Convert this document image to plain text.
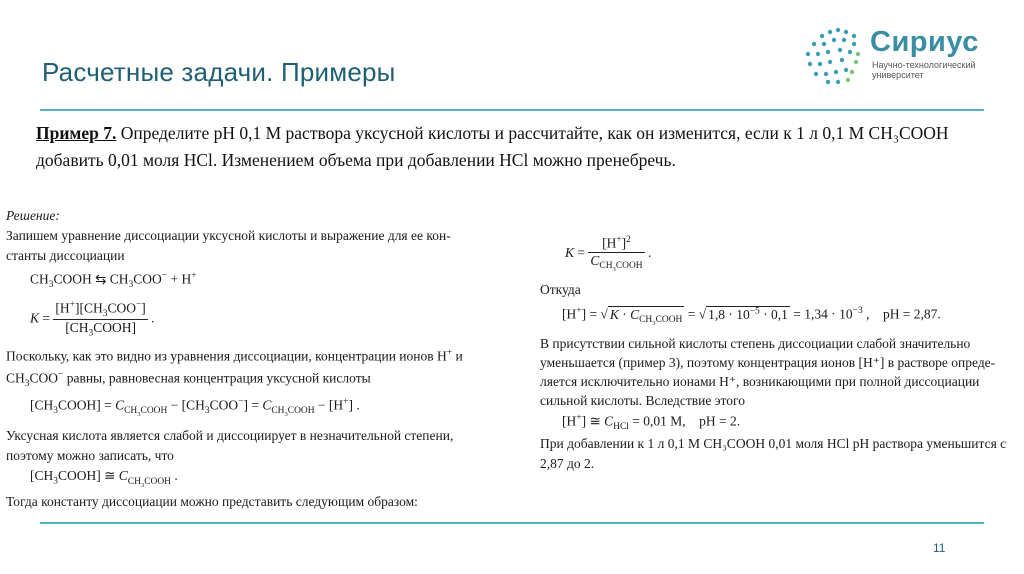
Расчетные задачи. Примеры
Сириус
Научно-технологический университет
Пример 7. Определите pH 0,1 М раствора уксусной кислоты и рассчитайте, как он изменится, если к 1 л 0,1 М CH₃COOH добавить 0,01 моля HCl. Изменением объема при добавлении HCl можно пренебречь.
Решение:
Запишем уравнение диссоциации уксусной кислоты и выражение для ее кон-
станты диссоциации
$CH_3COOH$ ⇆ $CH_3COO^- + H^+$
$K = \frac{[H^+][CH_3COO^-]}{[CH_3COOH]}$ .
Поскольку, как это видно из уравнения диссоциации, концентрации ионов H+ и
$CH_3COO^-$ равны, равновесная концентрация уксусной кислоты
$[CH_3COOH] = C_{CH_3COOH} - [CH_3COO^-] = C_{CH_3COOH} - [H^+]$ .
Уксусная кислота является слабой и диссоциирует в незначительной степени,
поэтому можно записать, что
$[CH_3COOH]$ ≅ $C_{CH_3COOH}$ .
Тогда константу диссоциации можно представить следующим образом:
$K = \frac{[H^+]^2}{C_{CH_3COOH}}$ .
Откуда
[H+] = √ $K \cdot C_{CH_3COOH}$ = √ $1,8 \cdot 10^{-5} \cdot 0,1 = 1,34 \cdot 10^{-3}$ ,    pH = 2,87.
В присутствии сильной кислоты степень диссоциации слабой значительно
уменьшается (пример 3), поэтому концентрация ионов [H⁺] в растворе опреде-
ляется исключительно ионами H⁺, возникающими при полной диссоциации
сильной кислоты. Вследствие этого
[H+] ≅ $C_{HCl} = 0,01$ М,    pH = 2.
При добавлении к 1 л 0,1 М CH₃COOH 0,01 моля HCl pH раствора уменьшится с
2,87 до 2.
11
